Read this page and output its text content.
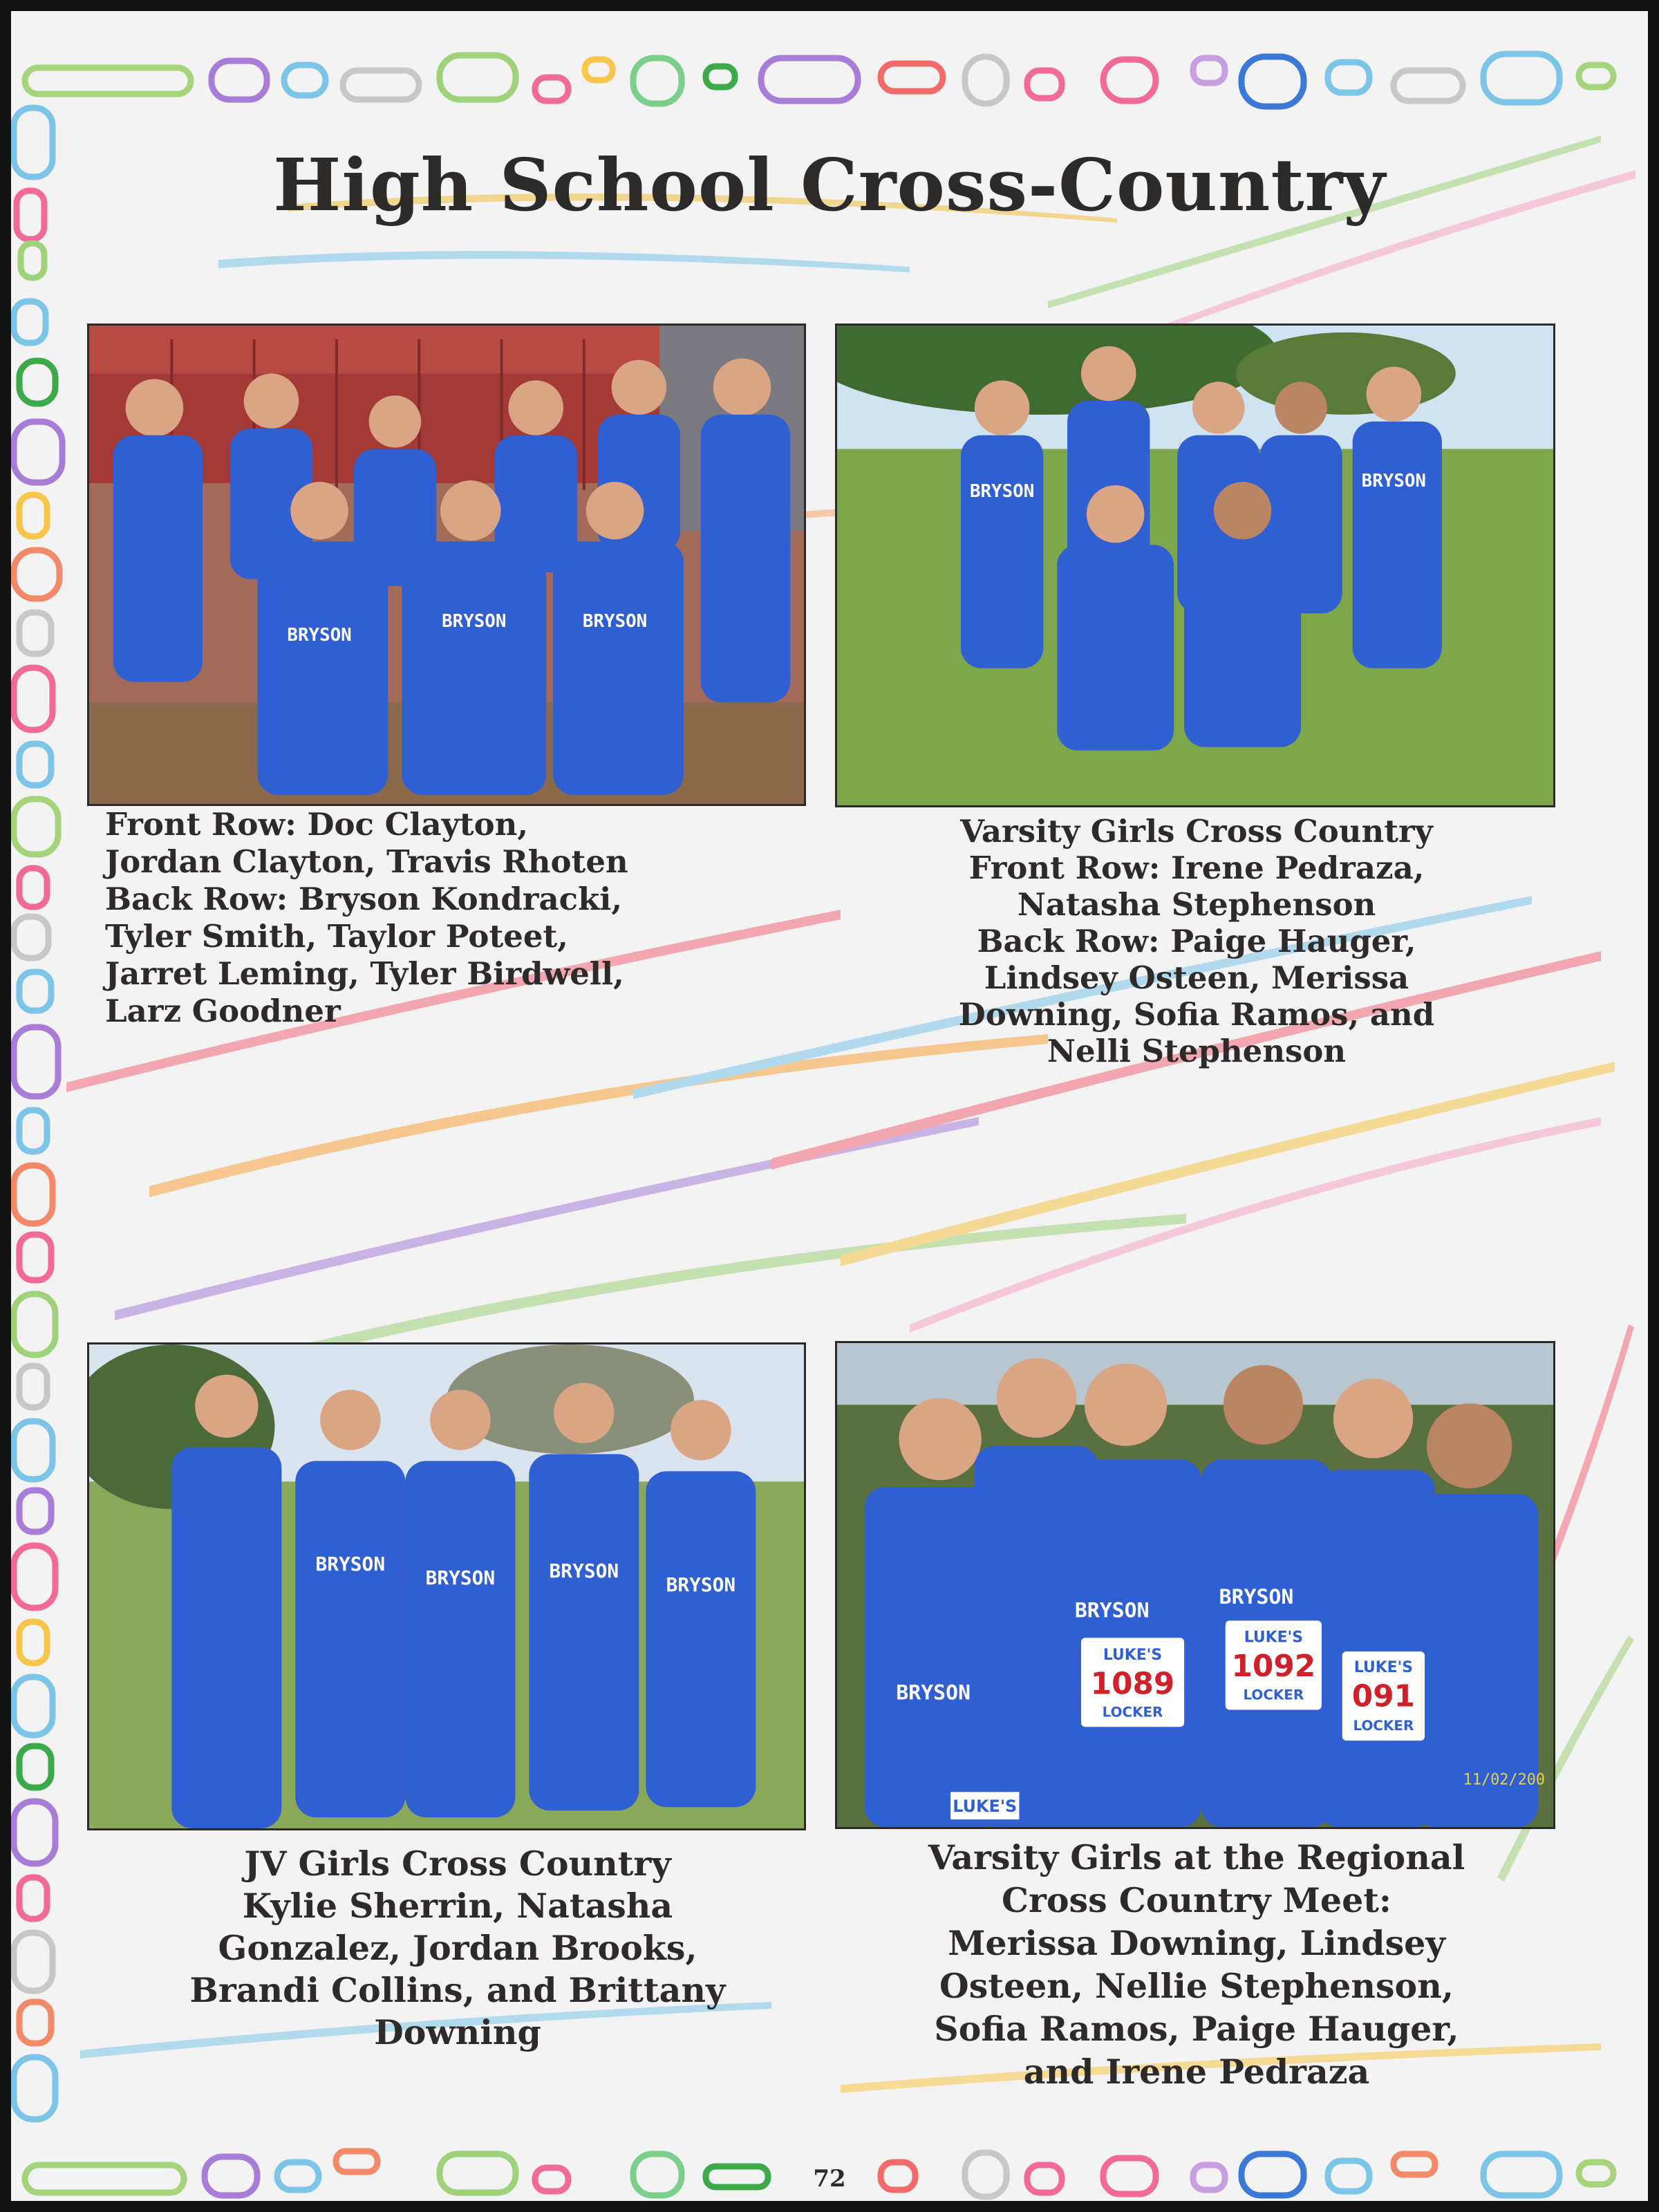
High School Cross-Country
BRYSON
BRYSON	BRYSON
BRYSON	BRYSON
BRYSON
BRYSON	BRYSON
BRYSON
BRYSON
BRYSON
BRYSON
LUKE'S
1089
LOCKER
LUKE'S
1092
LOCKER
LUKE'S
091
LOCKER
LUKE'S
11/02/200

Front Row: Doc Clayton,
Jordan Clayton, Travis Rhoten
Back Row: Bryson Kondracki,
Tyler Smith, Taylor Poteet,
Jarret Leming, Tyler Birdwell,
Larz Goodner

Varsity Girls Cross Country
Front Row: Irene Pedraza,
Natasha Stephenson
Back Row: Paige Hauger,
Lindsey Osteen, Merissa
Downing, Sofia Ramos, and
Nelli Stephenson

JV Girls Cross Country
Kylie Sherrin, Natasha
Gonzalez, Jordan Brooks,
Brandi Collins, and Brittany
Downing

Varsity Girls at the Regional
Cross Country Meet:
Merissa Downing, Lindsey
Osteen, Nellie Stephenson,
Sofia Ramos, Paige Hauger,
and Irene Pedraza

72
